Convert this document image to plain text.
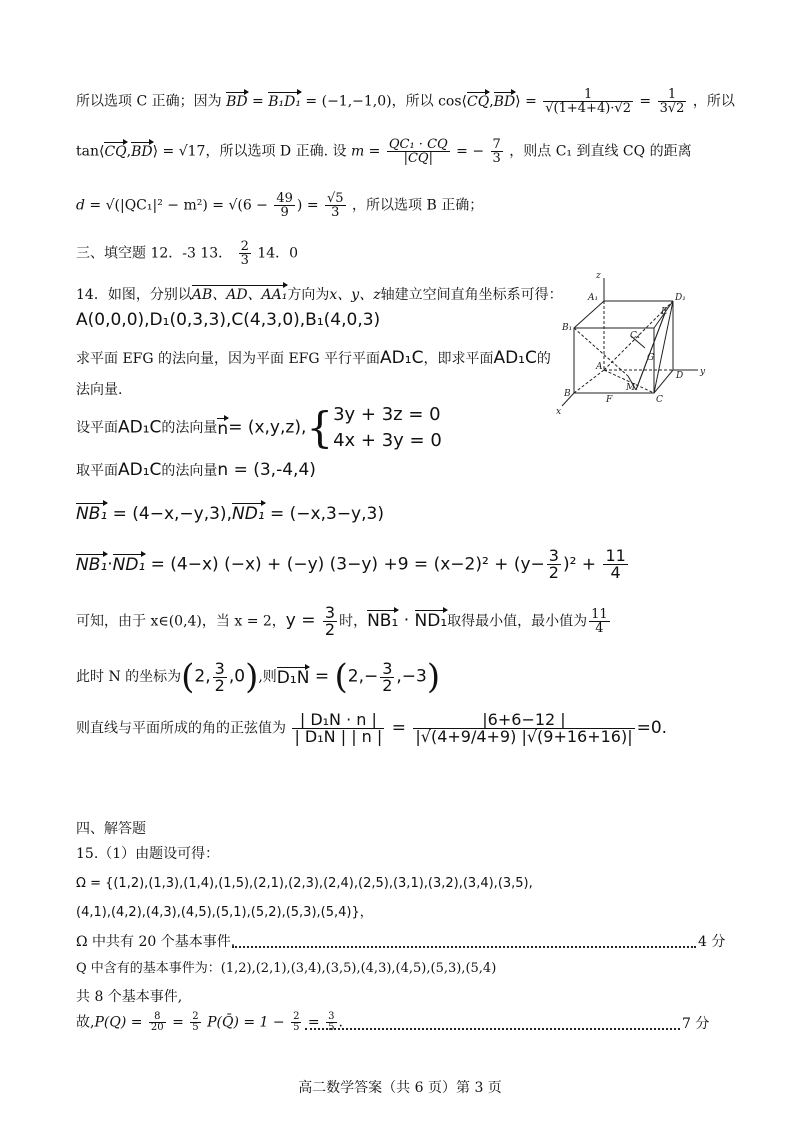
所以选项 C 正确；因为 BD = B₁D₁ = (−1,−1,0)，所以 cos⟨CQ,BD⟩ = $\frac{1}{√(1+4+4)\cdot√2} = \frac{1}{3√2}$ ，所以
tan⟨CQ,BD⟩ = √17，所以选项 D 正确. 设 $m = \frac{\text{QC₁ · CQ}}{|CQ|}$ = − $\frac{7}{3}$ ，则点 C₁ 到直线 CQ 的距离
$d = √(|QC_1|^2 - m^2) = √(6 - \frac{49}{9}$ ) = $\frac{√5}{3}$ ，所以选项 B 正确；
三、填空题 12．-3 13． $\frac{2}{3} 14$．0
14．如图，分别以AB、AD、AA₁方向为x、y、z轴建立空间直角坐标系可得：
A(0,0,0),D₁(0,3,3),C(4,3,0),B₁(4,0,3)
求平面 EFG 的法向量，因为平面 EFG 平行平面AD₁C，即求平面AD₁C的
法向量.
设平面AD₁C的法向量n= (x,y,z),{ 3y + 3z = 0
4x + 3y = 0
取平面AD₁C的法向量n = (3,-4,4)
NB₁ = (4−x,−y,3),ND₁ = (−x,3−y,3)
NB₁·ND₁ = (4−x) (−x) + (−y) $(3-y) +9 = (x-2)^2 + (y- \frac{3}{2} )^2 + \frac{11}{4}$
可知，由于 x∈(0,4)，当 x = 2，$y = \frac{3}{2}$ 时，NB₁ · ND₁取得最小值，最小值为 $\frac{11}{4}$
此时 N 的坐标为(2, $\frac{3}{2} ,0$),则$D_1N = (2,- \frac{3}{2} ,-3)$
则直线与平面所成的角的正弦值为 $\frac{\text{| D₁N · n |}}{\text{| D₁N | | n |}} = \frac{|6+6-12 |}{|√(4+9/4+9) |√(9+16+16)|} =0$.
四、解答题
15.（1）由题设可得：
Ω = {(1,2),(1,3),(1,4),(1,5),(2,1),(2,3),(2,4),(2,5),(3,1),(3,2),(3,4),(3,5),
(4,1),(4,2),(4,3),(4,5),(5,1),(5,2),(5,3),(5,4)}，
Ω 中共有 20 个基本事件.	4 分
Q 中含有的基本事件为：(1,2),(2,1),(3,4),(3,5),(4,3),(4,5),(5,3),(5,4)
共 8 个基本事件,
故$,P(Q) = \frac{8}{20} = \frac{2}{5}$ P(Q̄) = $1 - \frac{2}{5} = \frac{3}{5}$ .	7 分
高二数学答案（共 6 页）第 3 页
z
A₁	D₁
B₁
E
C₁
G
A
D y
B
M
F	C
x
